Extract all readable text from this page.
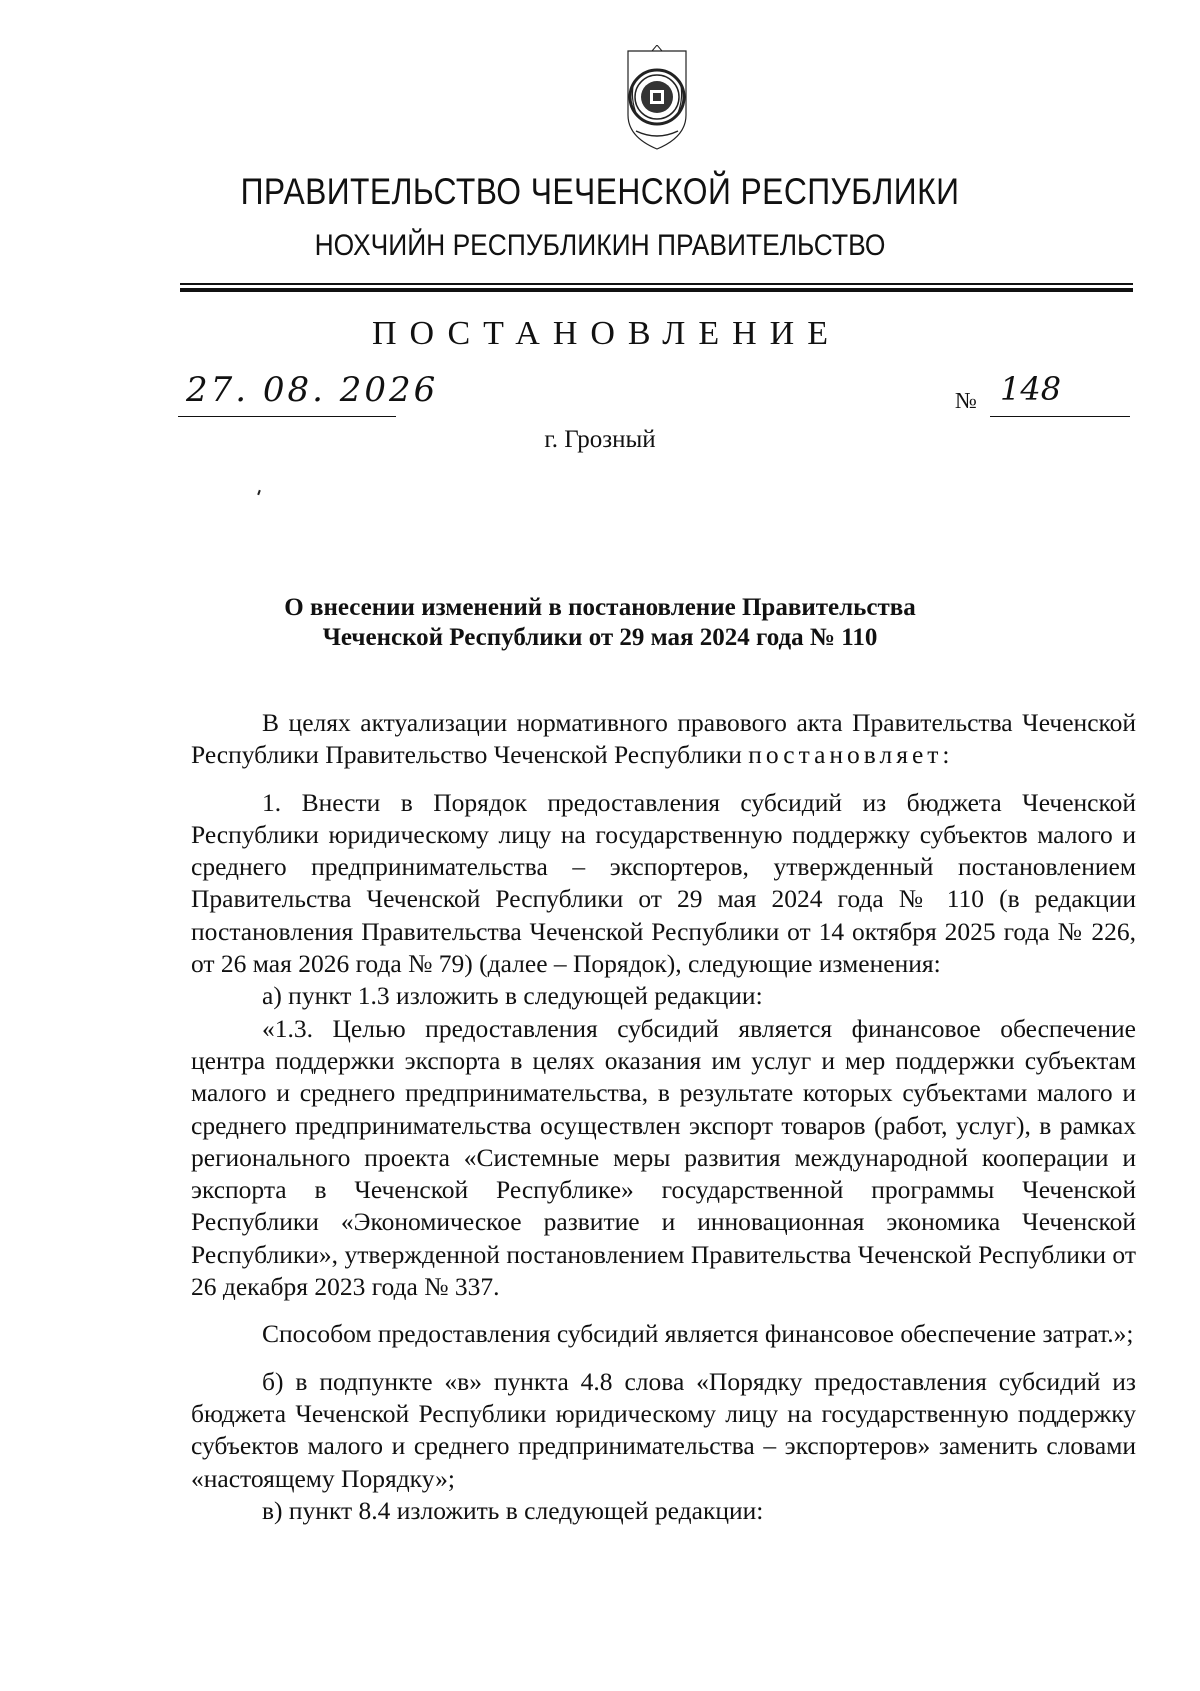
ПРАВИТЕЛЬСТВО ЧЕЧЕНСКОЙ РЕСПУБЛИКИ
НОХЧИЙН РЕСПУБЛИКИН ПРАВИТЕЛЬСТВО
ПОСТАНОВЛЕНИЕ
27. 08. 2026	№ 148
г. Грозный
О внесении изменений в постановление Правительства
Чеченской Республики от 29 мая 2024 года № 110

В целях актуализации нормативного правового акта Правительства Чеченской Республики Правительство Чеченской Республики постановляет:

1. Внести в Порядок предоставления субсидий из бюджета Чеченской Республики юридическому лицу на государственную поддержку субъектов малого и среднего предпринимательства – экспортеров, утвержденный постановлением Правительства Чеченской Республики от 29 мая 2024 года № 110 (в редакции постановления Правительства Чеченской Республики от 14 октября 2025 года № 226, от 26 мая 2026 года № 79) (далее – Порядок), следующие изменения:

а) пункт 1.3 изложить в следующей редакции:

«1.3. Целью предоставления субсидий является финансовое обеспечение центра поддержки экспорта в целях оказания им услуг и мер поддержки субъектам малого и среднего предпринимательства, в результате которых субъектами малого и среднего предпринимательства осуществлен экспорт товаров (работ, услуг), в рамках регионального проекта «Системные меры развития международной кооперации и экспорта в Чеченской Республике» государственной программы Чеченской Республики «Экономическое развитие и инновационная экономика Чеченской Республики», утвержденной постановлением Правительства Чеченской Республики от 26 декабря 2023 года № 337.

Способом предоставления субсидий является финансовое обеспечение затрат.»;

б) в подпункте «в» пункта 4.8 слова «Порядку предоставления субсидий из бюджета Чеченской Республики юридическому лицу на государственную поддержку субъектов малого и среднего предпринимательства – экспортеров» заменить словами «настоящему Порядку»;

в) пункт 8.4 изложить в следующей редакции:
